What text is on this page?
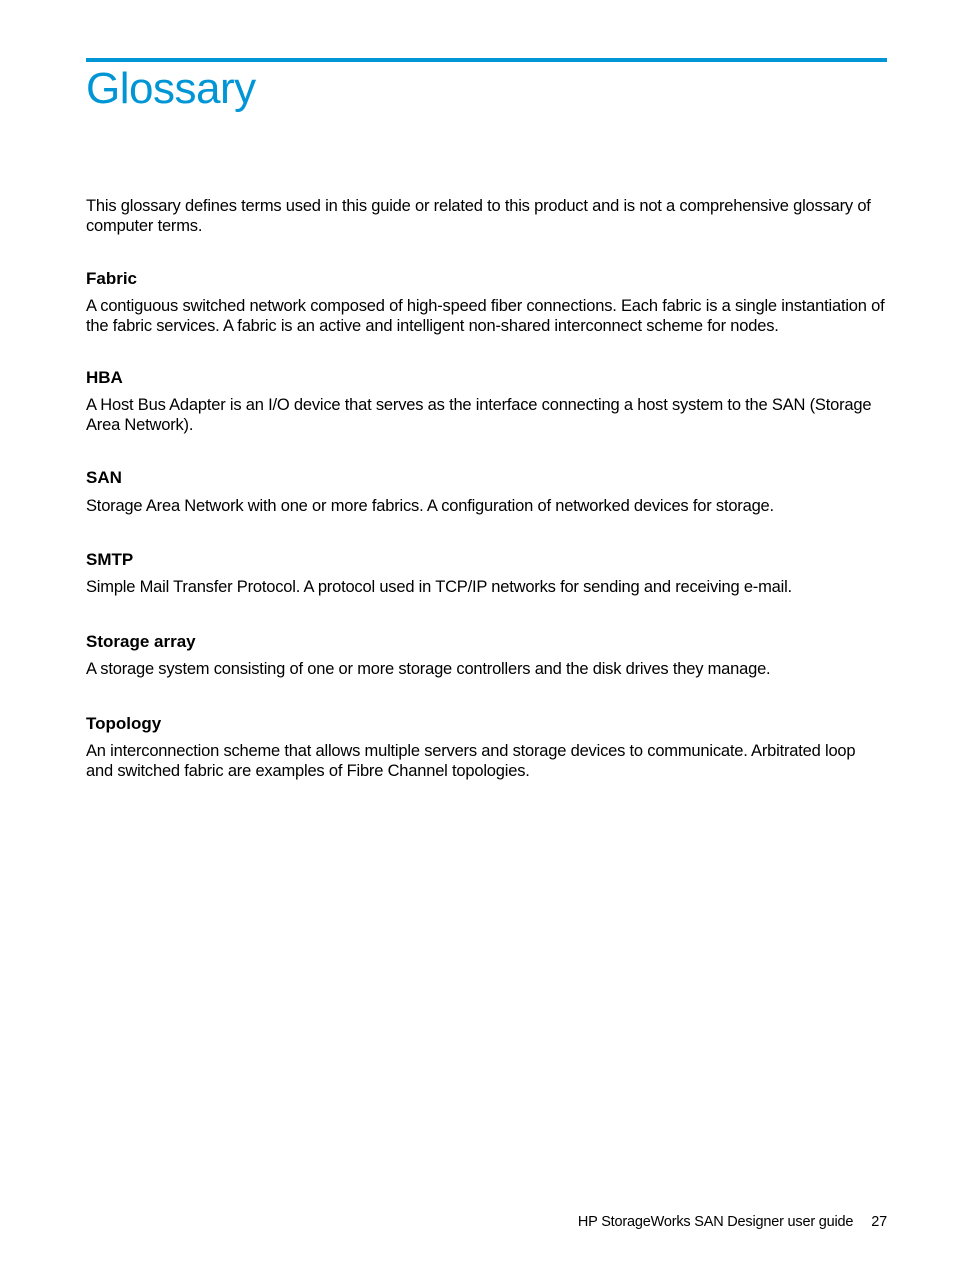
Glossary

This glossary defines terms used in this guide or related to this product and is not a comprehensive glossary of computer terms.

Fabric

A contiguous switched network composed of high-speed fiber connections. Each fabric is a single instantiation of the fabric services. A fabric is an active and intelligent non-shared interconnect scheme for nodes.

HBA

A Host Bus Adapter is an I/O device that serves as the interface connecting a host system to the SAN (Storage Area Network).

SAN

Storage Area Network with one or more fabrics. A configuration of networked devices for storage.

SMTP

Simple Mail Transfer Protocol. A protocol used in TCP/IP networks for sending and receiving e-mail.

Storage array

A storage system consisting of one or more storage controllers and the disk drives they manage.

Topology

An interconnection scheme that allows multiple servers and storage devices to communicate. Arbitrated loop and switched fabric are examples of Fibre Channel topologies.

HP StorageWorks SAN Designer user guide 27
